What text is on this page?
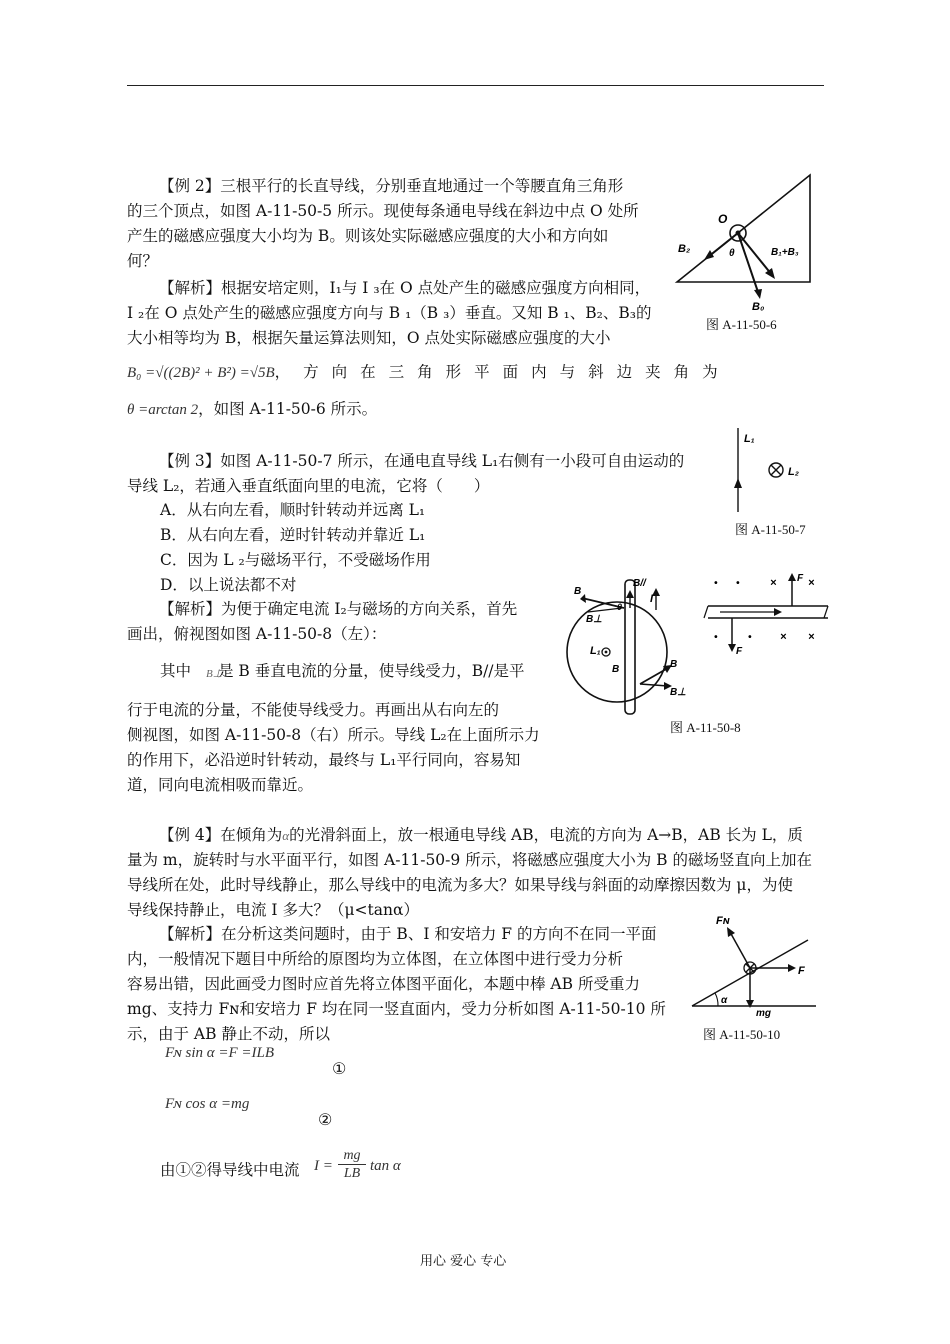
【例 2】三根平行的长直导线，分别垂直地通过一个等腰直角三角形
的三个顶点，如图 A-11-50-5 所示。现使每条通电导线在斜边中点 O 处所
产生的磁感应强度大小均为 B。则该处实际磁感应强度的大小和方向如
何？
【解析】根据安培定则，I₁与 I ₃在 O 点处产生的磁感应强度方向相同，
I ₂在 O 点处产生的磁感应强度方向与 B ₁（B ₃）垂直。又知 B ₁、B₂、B₃的
大小相等均为 B，根据矢量运算法则知，O 点处实际磁感应强度的大小
B₀ =√((2B)² + B²) =√5B，方向在三角形平面内与斜边夹角为
θ =arctan 2，如图 A-11-50-6 所示。
O
B₂	θ	B₁+B₃
B₀
图 A-11-50-6
【例 3】如图 A-11-50-7 所示，在通电直导线 L₁右侧有一小段可自由运动的
导线 L₂，若通入垂直纸面向里的电流，它将（　　）
A．从右向左看，顺时针转动并远离 L₁
B．从右向左看，逆时针转动并靠近 L₁
C．因为 L ₂与磁场平行，不受磁场作用
D．以上说法都不对
【解析】为便于确定电流 I₂与磁场的方向关系，首先
画出，俯视图如图 A-11-50-8（左）：
其中 B⊥
是 B 垂直电流的分量，使导线受力，B//是平
行于电流的分量，不能使导线受力。再画出从右向左的
侧视图，如图 A-11-50-8（右）所示。导线 L₂在上面所示力
的作用下，必沿逆时针转动，最终与 L₁平行同向，容易知
道，同向电流相吸而靠近。
L₁
L₂
图 A-11-50-7
L₁
B//
B
B⊥
θ
I
B
B⊥
B
• •	×	×
F
F
•	•	× ×
图 A-11-50-8
【例 4】在倾角为α的光滑斜面上，放一根通电导线 AB，电流的方向为 A→B，AB 长为 L，质
量为 m，旋转时与水平面平行，如图 A-11-50-9 所示，将磁感应强度大小为 B 的磁场竖直向上加在
导线所在处，此时导线静止，那么导线中的电流为多大？如果导线与斜面的动摩擦因数为 μ，为使
导线保持静止，电流 I 多大？（μ<tanα）
【解析】在分析这类问题时，由于 B、I 和安培力 F 的方向不在同一平面
内，一般情况下题目中所给的原图均为立体图，在立体图中进行受力分析
容易出错，因此画受力图时应首先将立体图平面化，本题中棒 AB 所受重力
mg、支持力 Fɴ和安培力 F 均在同一竖直面内，受力分析如图 A-11-50-10 所
示，由于 AB 静止不动，所以
Fɴ sin α =F =ILB
①
Fɴ cos α =mg
②
由①②得导线中电流 $I = \frac{mg}{LB}$ tan α
α
Fɴ
F
mg
图 A-11-50-10
用心 爱心 专心
